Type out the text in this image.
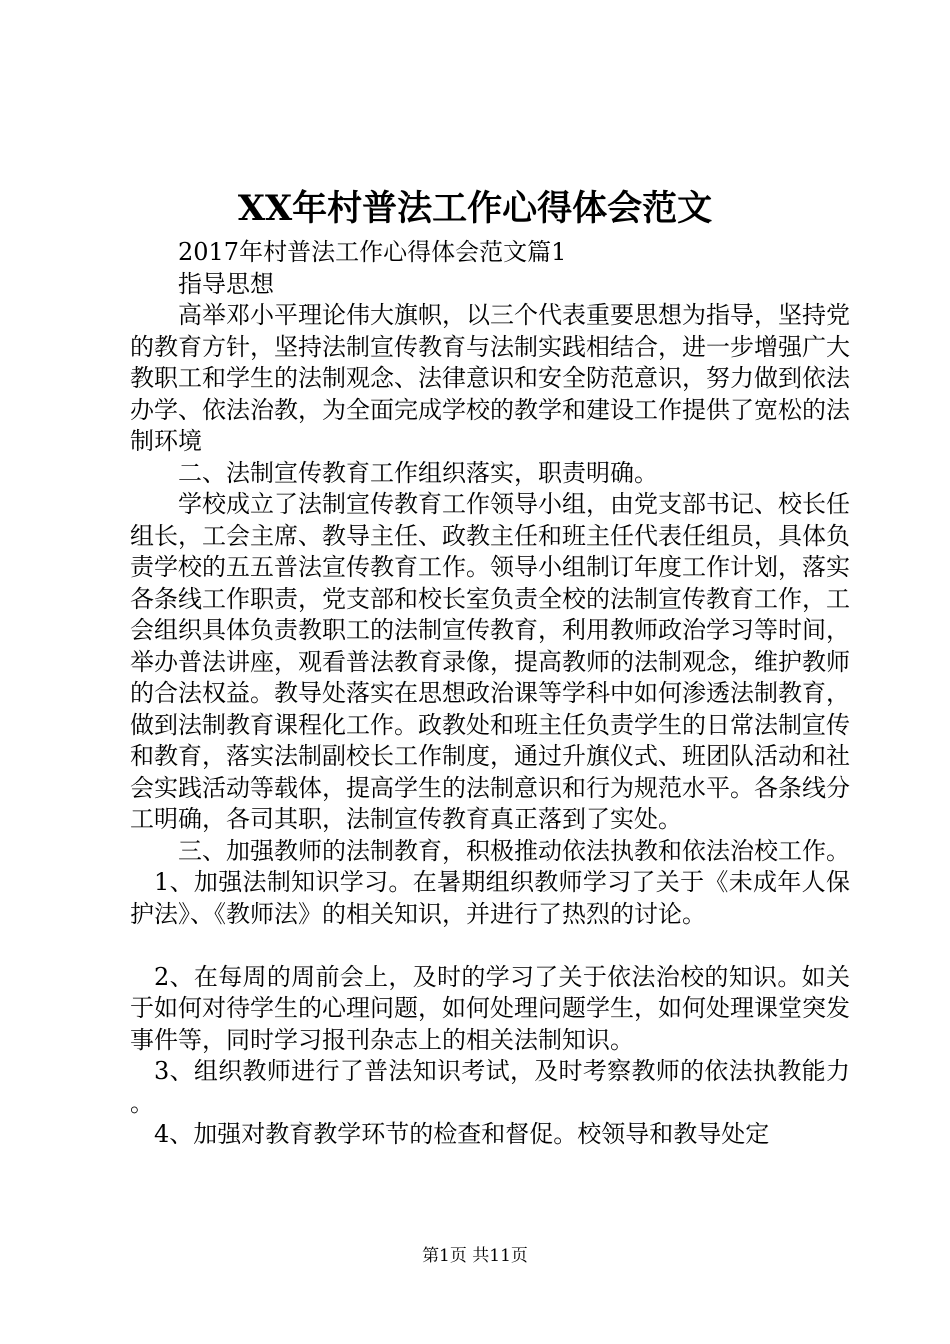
XX年村普法工作心得体会范文

2017年村普法工作心得体会范文篇1

指导思想

高举邓小平理论伟大旗帜，以三个代表重要思想为指导，坚持党的教育方针，坚持法制宣传教育与法制实践相结合，进一步增强广大教职工和学生的法制观念、法律意识和安全防范意识，努力做到依法办学、依法治教，为全面完成学校的教学和建设工作提供了宽松的法制环境

二、法制宣传教育工作组织落实，职责明确。

学校成立了法制宣传教育工作领导小组，由党支部书记、校长任组长，工会主席、教导主任、政教主任和班主任代表任组员，具体负责学校的五五普法宣传教育工作。领导小组制订年度工作计划，落实各条线工作职责，党支部和校长室负责全校的法制宣传教育工作，工会组织具体负责教职工的法制宣传教育，利用教师政治学习等时间，举办普法讲座，观看普法教育录像，提高教师的法制观念，维护教师的合法权益。教导处落实在思想政治课等学科中如何渗透法制教育，做到法制教育课程化工作。政教处和班主任负责学生的日常法制宣传和教育，落实法制副校长工作制度，通过升旗仪式、班团队活动和社会实践活动等载体，提高学生的法制意识和行为规范水平。各条线分工明确，各司其职，法制宣传教育真正落到了实处。

三、加强教师的法制教育，积极推动依法执教和依法治校工作。

1、加强法制知识学习。在暑期组织教师学习了关于《未成年人保护法》、《教师法》的相关知识，并进行了热烈的讨论。

2、在每周的周前会上，及时的学习了关于依法治校的知识。如关于如何对待学生的心理问题，如何处理问题学生，如何处理课堂突发事件等，同时学习报刊杂志上的相关法制知识。

3、组织教师进行了普法知识考试，及时考察教师的依法执教能力。

4、加强对教育教学环节的检查和督促。校领导和教导处定

第1页 共11页
